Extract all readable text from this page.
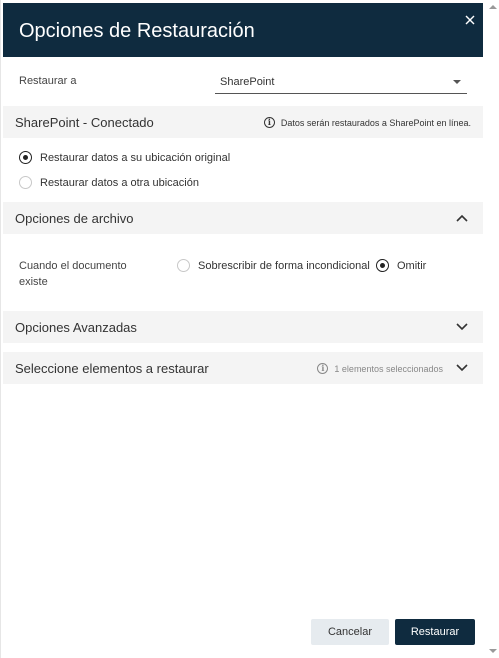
Opciones de Restauración
Restaurar a	SharePoint
SharePoint - Conectado	i	Datos serán restaurados a SharePoint en línea.
Restaurar datos a su ubicación original
Restaurar datos a otra ubicación
Opciones de archivo
Cuando el documento existe
Sobrescribir de forma incondicional Omitir
Opciones Avanzadas
Seleccione elementos a restaurar	i	1 elementos seleccionados
Cancelar	Restaurar
